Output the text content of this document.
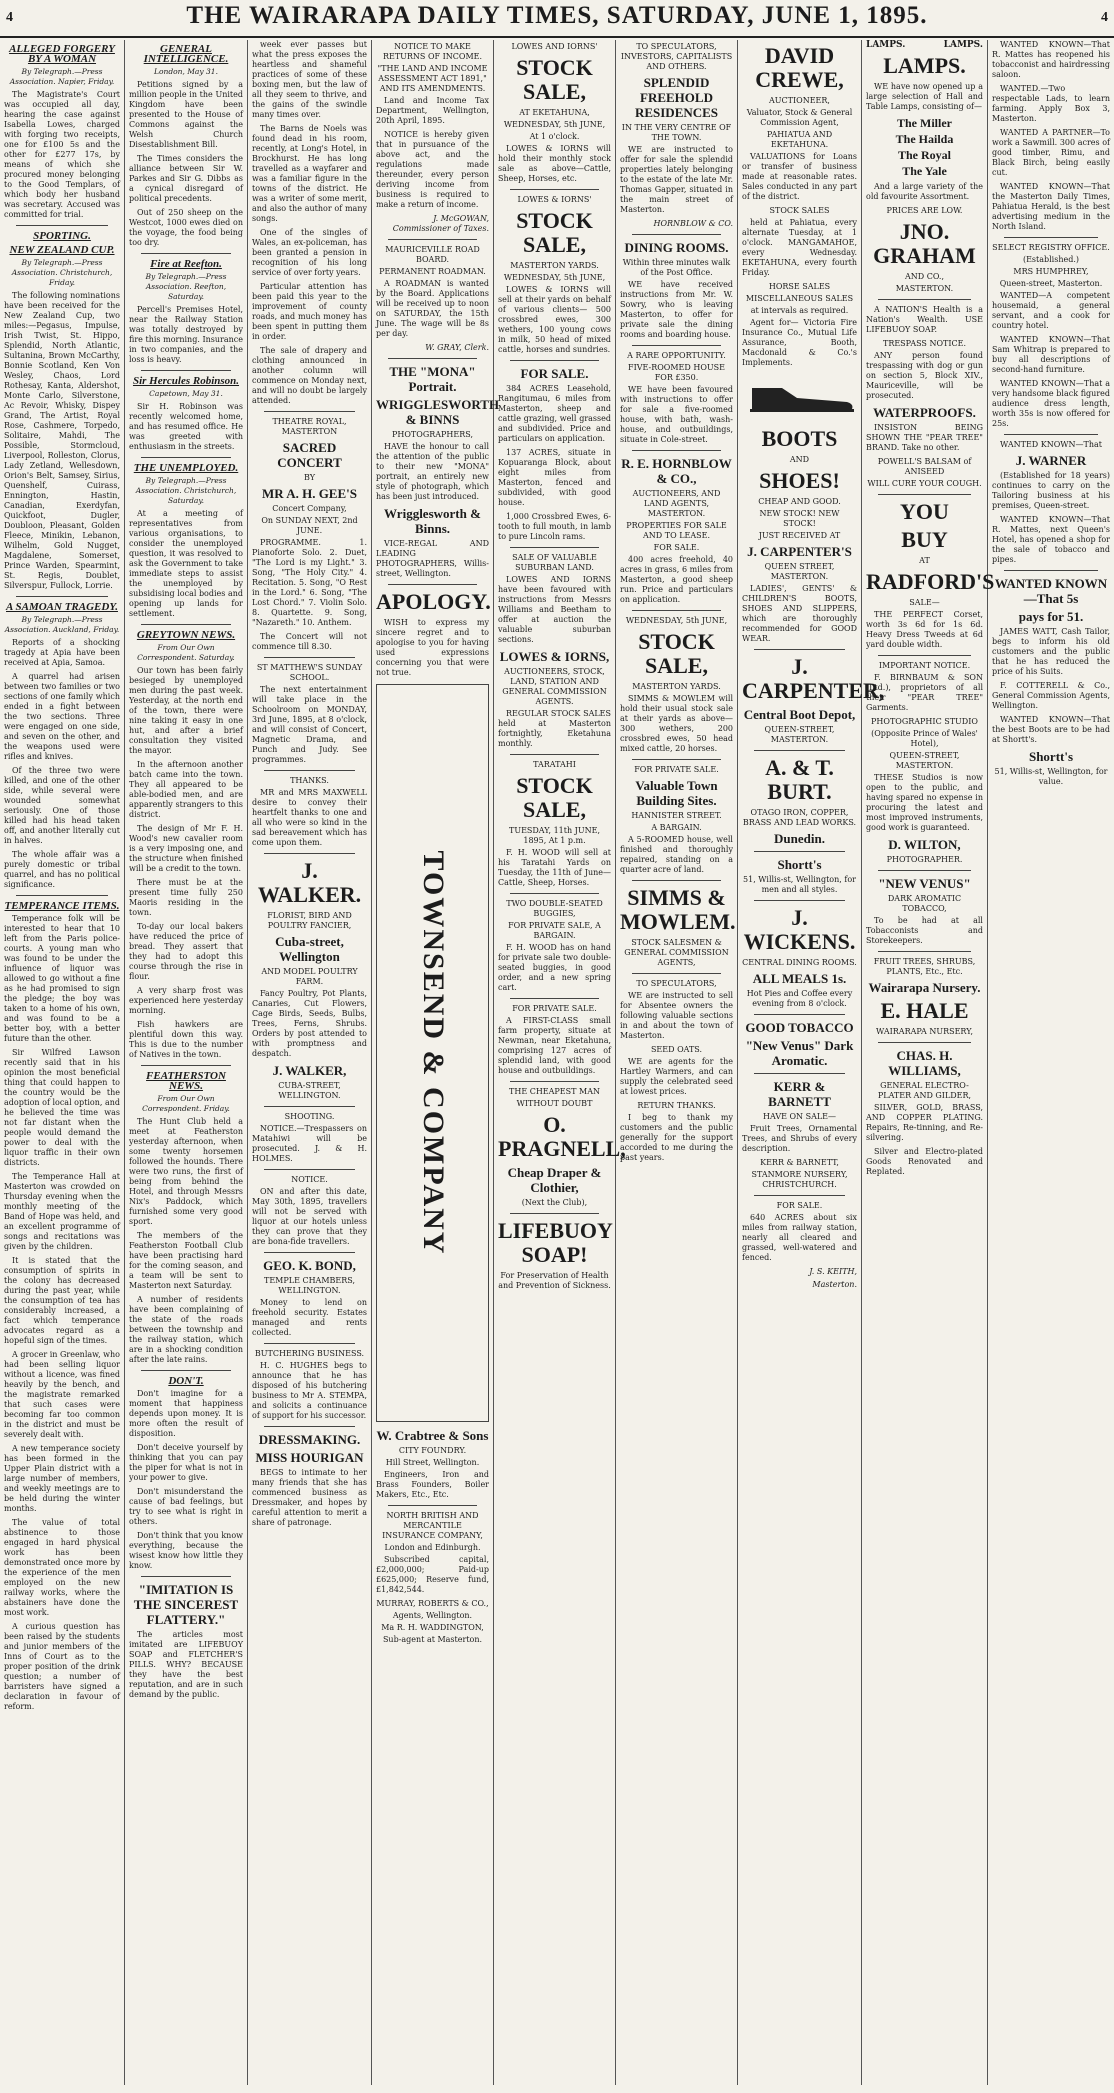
4	THE WAIRARAPA DAILY TIMES, SATURDAY, JUNE 1, 1895.	4
ALLEGED FORGERY BY A WOMAN
By Telegraph.—Press Association. Napier, Friday.

The Magistrate's Court was occupied all day, hearing the case against Isabella Lowes, charged with forging two receipts, one for £100 5s and the other for £277 17s, by means of which she procured money belonging to the Good Templars, of which body her husband was secretary. Accused was committed for trial.

SPORTING.
NEW ZEALAND CUP.
By Telegraph.—Press Association. Christchurch, Friday.

The following nominations have been received for the New Zealand Cup, two miles:—Pegasus, Impulse, Irish Twist, St. Hippo, Splendid, North Atlantic, Sultanina, Brown McCarthy, Bonnie Scotland, Ken Von Wesley, Chaos, Lord Rothesay, Kanta, Aldershot, Monte Carlo, Silverstone, Ac Revoir, Whisky, Dispey Grand, The Artist, Royal Rose, Cashmere, Torpedo, Solitaire, Mahdi, The Possible, Stormcloud, Liverpool, Rolleston, Clorus, Lady Zetland, Wellesdown, Orion's Belt, Samsey, Sirius, Quenshelf, Cuirass, Ennington, Hastin, Canadian, Exerdyfan, Quickfoot, Dugler, Doubloon, Pleasant, Golden Fleece, Minikin, Lebanon, Wilhelm, Gold Nugget, Magdalene, Somerset, Prince Warden, Spearmint, St. Regis, Doublet, Silverspur, Fullock, Lorrie.

A SAMOAN TRAGEDY.
By Telegraph.—Press Association. Auckland, Friday.

Reports of a shocking tragedy at Apia have been received at Apia, Samoa.

A quarrel had arisen between two families or two sections of one family which ended in a fight between the two sections. Three were engaged on one side, and seven on the other, and the weapons used were rifles and knives.

Of the three two were killed, and one of the other side, while several were wounded somewhat seriously. One of those killed had his head taken off, and another literally cut in halves.

The whole affair was a purely domestic or tribal quarrel, and has no political significance.

TEMPERANCE ITEMS.

Temperance folk will be interested to hear that 10 left from the Paris police-courts. A young man who was found to be under the influence of liquor was allowed to go without a fine as he had promised to sign the pledge; the boy was taken to a home of his own, and was found to be a better boy, with a better future than the other.

Sir Wilfred Lawson recently said that in his opinion the most beneficial thing that could happen to the country would be the adoption of local option, and he believed the time was not far distant when the people would demand the power to deal with the liquor traffic in their own districts.

The Temperance Hall at Masterton was crowded on Thursday evening when the monthly meeting of the Band of Hope was held, and an excellent programme of songs and recitations was given by the children.

It is stated that the consumption of spirits in the colony has decreased during the past year, while the consumption of tea has considerably increased, a fact which temperance advocates regard as a hopeful sign of the times.

A grocer in Greenlaw, who had been selling liquor without a licence, was fined heavily by the bench, and the magistrate remarked that such cases were becoming far too common in the district and must be severely dealt with.

A new temperance society has been formed in the Upper Plain district with a large number of members, and weekly meetings are to be held during the winter months.

The value of total abstinence to those engaged in hard physical work has been demonstrated once more by the experience of the men employed on the new railway works, where the abstainers have done the most work.

A curious question has been raised by the students and junior members of the Inns of Court as to the proper position of the drink question; a number of barristers have signed a declaration in favour of reform.

GENERAL INTELLIGENCE.
London, May 31.

Petitions signed by a million people in the United Kingdom have been presented to the House of Commons against the Welsh Church Disestablishment Bill.

The Times considers the alliance between Sir W. Parkes and Sir G. Dibbs as a cynical disregard of political precedents.

Out of 250 sheep on the Westcot, 1000 ewes died on the voyage, the food being too dry.

Fire at Reefton.
By Telegraph.—Press Association. Reefton, Saturday.

Percell's Premises Hotel, near the Railway Station was totally destroyed by fire this morning. Insurance in two companies, and the loss is heavy.

Sir Hercules Robinson.
Capetown, May 31.

Sir H. Robinson was recently welcomed home, and has resumed office. He was greeted with enthusiasm in the streets.

THE UNEMPLOYED.
By Telegraph.—Press Association. Christchurch, Saturday.

At a meeting of representatives from various organisations, to consider the unemployed question, it was resolved to ask the Government to take immediate steps to assist the unemployed by subsidising local bodies and opening up lands for settlement.

GREYTOWN NEWS.
From Our Own Correspondent. Saturday.

Our town has been fairly besieged by unemployed men during the past week. Yesterday, at the north end of the town, there were nine taking it easy in one hut, and after a brief consultation they visited the mayor.

In the afternoon another batch came into the town. They all appeared to be able-bodied men, and are apparently strangers to this district.

The design of Mr F. H. Wood's new cavalier room is a very imposing one, and the structure when finished will be a credit to the town.

There must be at the present time fully 250 Maoris residing in the town.

To-day our local bakers have reduced the price of bread. They assert that they had to adopt this course through the rise in flour.

A very sharp frost was experienced here yesterday morning.

Fish hawkers are plentiful down this way. This is due to the number of Natives in the town.

FEATHERSTON NEWS.
From Our Own Correspondent. Friday.

The Hunt Club held a meet at Featherston yesterday afternoon, when some twenty horsemen followed the hounds. There were two runs, the first of being from behind the Hotel, and through Messrs Nix's Paddock, which furnished some very good sport.

The members of the Featherston Football Club have been practising hard for the coming season, and a team will be sent to Masterton next Saturday.

A number of residents have been complaining of the state of the roads between the township and the railway station, which are in a shocking condition after the late rains.

DON'T.

Don't imagine for a moment that happiness depends upon money. It is more often the result of disposition.

Don't deceive yourself by thinking that you can pay the piper for what is not in your power to give.

Don't misunderstand the cause of bad feelings, but try to see what is right in others.

Don't think that you know everything, because the wisest know how little they know.

"IMITATION IS THE SINCEREST FLATTERY."

The articles most imitated are LIFEBUOY SOAP and FLETCHER'S PILLS. WHY? BECAUSE they have the best reputation, and are in such demand by the public.

week ever passes but what the press exposes the heartless and shameful practices of some of these boxing men, but the law of all they seem to thrive, and the gains of the swindle many times over.

The Barns de Noels was found dead in his room, recently, at Long's Hotel, in Brockhurst. He has long travelled as a wayfarer and was a familiar figure in the towns of the district. He was a writer of some merit, and also the author of many songs.

One of the singles of Wales, an ex-policeman, has been granted a pension in recognition of his long service of over forty years.

Particular attention has been paid this year to the improvement of county roads, and much money has been spent in putting them in order.

The sale of drapery and clothing announced in another column will commence on Monday next, and will no doubt be largely attended.

THEATRE ROYAL, MASTERTON
SACRED CONCERT
BY
MR A. H. GEE'S
Concert Company,
On SUNDAY NEXT, 2nd JUNE.

PROGRAMME. 1. Pianoforte Solo. 2. Duet, "The Lord is my Light." 3. Song, "The Holy City." 4. Recitation. 5. Song, "O Rest in the Lord." 6. Song, "The Lost Chord." 7. Violin Solo. 8. Quartette. 9. Song, "Nazareth." 10. Anthem.

The Concert will not commence till 8.30.

ST MATTHEW'S SUNDAY SCHOOL.

The next entertainment will take place in the Schoolroom on MONDAY, 3rd June, 1895, at 8 o'clock, and will consist of Concert, Magnetic Drama, and Punch and Judy. See programmes.

THANKS.

MR and MRS MAXWELL desire to convey their heartfelt thanks to one and all who were so kind in the sad bereavement which has come upon them.

J. WALKER.
FLORIST, BIRD AND POULTRY FANCIER,
Cuba-street, Wellington
AND MODEL POULTRY FARM.

Fancy Poultry, Pot Plants, Canaries, Cut Flowers, Cage Birds, Seeds, Bulbs, Trees, Ferns, Shrubs. Orders by post attended to with promptness and despatch.

J. WALKER,
CUBA-STREET, WELLINGTON.
SHOOTING.

NOTICE.—Trespassers on Matahiwi will be prosecuted. J. & H. HOLMES.

NOTICE.

ON and after this date, May 30th, 1895, travellers will not be served with liquor at our hotels unless they can prove that they are bona-fide travellers.

GEO. K. BOND,
TEMPLE CHAMBERS, WELLINGTON.

Money to lend on freehold security. Estates managed and rents collected.

BUTCHERING BUSINESS.

H. C. HUGHES begs to announce that he has disposed of his butchering business to Mr A. STEMPA, and solicits a continuance of support for his successor.

DRESSMAKING.
MISS HOURIGAN

BEGS to intimate to her many friends that she has commenced business as Dressmaker, and hopes by careful attention to merit a share of patronage.

NOTICE TO MAKE RETURNS OF INCOME.
"THE LAND AND INCOME ASSESSMENT ACT 1891," AND ITS AMENDMENTS.

Land and Income Tax Department, Wellington, 20th April, 1895.

NOTICE is hereby given that in pursuance of the above act, and the regulations made thereunder, every person deriving income from business is required to make a return of income.

J. McGOWAN, Commissioner of Taxes.
MAURICEVILLE ROAD BOARD.
PERMANENT ROADMAN.

A ROADMAN is wanted by the Board. Applications will be received up to noon on SATURDAY, the 15th June. The wage will be 8s per day.

W. GRAY, Clerk.
THE "MONA" Portrait.
WRIGGLESWORTH & BINNS
PHOTOGRAPHERS,

HAVE the honour to call the attention of the public to their new "MONA" portrait, an entirely new style of photograph, which has been just introduced.

Wrigglesworth & Binns.

VICE-REGAL AND LEADING PHOTOGRAPHERS, Willis-street, Wellington.

APOLOGY.

WISH to express my sincere regret and to apologise to you for having used expressions concerning you that were not true.

TOWNSEND & COMPANY
W. Crabtree & Sons
CITY FOUNDRY.
Hill Street, Wellington.

Engineers, Iron and Brass Founders, Boiler Makers, Etc., Etc.

NORTH BRITISH AND MERCANTILE INSURANCE COMPANY,
London and Edinburgh.

Subscribed capital, £2,000,000; Paid-up £625,000; Reserve fund, £1,842,544.

MURRAY, ROBERTS & CO.,
Agents, Wellington.
Ma R. H. WADDINGTON,
Sub-agent at Masterton.
LOWES AND IORNS'
STOCK SALE,
AT EKETAHUNA,
WEDNESDAY, 5th JUNE,
At 1 o'clock.

LOWES & IORNS will hold their monthly stock sale as above—Cattle, Sheep, Horses, etc.

LOWES & IORNS'
STOCK SALE,
MASTERTON YARDS.
WEDNESDAY, 5th JUNE,

LOWES & IORNS will sell at their yards on behalf of various clients— 500 crossbred ewes, 300 wethers, 100 young cows in milk, 50 head of mixed cattle, horses and sundries.

FOR SALE.

384 ACRES Leasehold, Rangitumau, 6 miles from Masterton, sheep and cattle grazing, well grassed and subdivided. Price and particulars on application.

137 ACRES, situate in Kopuaranga Block, about eight miles from Masterton, fenced and subdivided, with good house.

1,000 Crossbred Ewes, 6-tooth to full mouth, in lamb to pure Lincoln rams.

SALE OF VALUABLE SUBURBAN LAND.

LOWES AND IORNS have been favoured with instructions from Messrs Williams and Beetham to offer at auction the valuable suburban sections.

LOWES & IORNS,
AUCTIONEERS, STOCK, LAND, STATION AND GENERAL COMMISSION AGENTS.

REGULAR STOCK SALES held at Masterton fortnightly, Eketahuna monthly.

TARATAHI
STOCK SALE,
TUESDAY, 11th JUNE, 1895, At 1 p.m.

F. H. WOOD will sell at his Taratahi Yards on Tuesday, the 11th of June— Cattle, Sheep, Horses.

TWO DOUBLE-SEATED BUGGIES,
FOR PRIVATE SALE, A BARGAIN.

F. H. WOOD has on hand for private sale two double-seated buggies, in good order, and a new spring cart.

FOR PRIVATE SALE.

A FIRST-CLASS small farm property, situate at Newman, near Eketahuna, comprising 127 acres of splendid land, with good house and outbuildings.

THE CHEAPEST MAN
WITHOUT DOUBT
O. PRAGNELL,
Cheap Draper & Clothier,
(Next the Club),
LIFEBUOY SOAP!
For Preservation of Health and Prevention of Sickness.
TO SPECULATORS, INVESTORS, CAPITALISTS AND OTHERS.
SPLENDID FREEHOLD RESIDENCES
IN THE VERY CENTRE OF THE TOWN.

WE are instructed to offer for sale the splendid properties lately belonging to the estate of the late Mr. Thomas Gapper, situated in the main street of Masterton.

HORNBLOW & CO.
DINING ROOMS.
Within three minutes walk of the Post Office.

WE have received instructions from Mr. W. Sowry, who is leaving Masterton, to offer for private sale the dining rooms and boarding house.

A RARE OPPORTUNITY.
FIVE-ROOMED HOUSE FOR £350.

WE have been favoured with instructions to offer for sale a five-roomed house, with bath, wash-house, and outbuildings, situate in Cole-street.

R. E. HORNBLOW & CO.,
AUCTIONEERS, AND LAND AGENTS, MASTERTON.
PROPERTIES FOR SALE AND TO LEASE.
FOR SALE.

400 acres freehold, 40 acres in grass, 6 miles from Masterton, a good sheep run. Price and particulars on application.

WEDNESDAY, 5th JUNE,
STOCK SALE,
MASTERTON YARDS.

SIMMS & MOWLEM will hold their usual stock sale at their yards as above— 300 wethers, 200 crossbred ewes, 50 head mixed cattle, 20 horses.

FOR PRIVATE SALE.
Valuable Town Building Sites.
HANNISTER STREET.
A BARGAIN.

A 5-ROOMED house, well finished and thoroughly repaired, standing on a quarter acre of land.

SIMMS & MOWLEM.
STOCK SALESMEN & GENERAL COMMISSION AGENTS,
TO SPECULATORS,

WE are instructed to sell for Absentee owners the following valuable sections in and about the town of Masterton.

SEED OATS.

WE are agents for the Hartley Warmers, and can supply the celebrated seed at lowest prices.

RETURN THANKS.

I beg to thank my customers and the public generally for the support accorded to me during the past years.

DAVID CREWE,
AUCTIONEER,
Valuator, Stock & General Commission Agent,
PAHIATUA AND EKETAHUNA.

VALUATIONS for Loans or transfer of business made at reasonable rates. Sales conducted in any part of the district.

STOCK SALES

held at Pahiatua, every alternate Tuesday, at 1 o'clock. MANGAMAHOE, every Wednesday. EKETAHUNA, every fourth Friday.

HORSE SALES
MISCELLANEOUS SALES
at intervals as required.

Agent for— Victoria Fire Insurance Co., Mutual Life Assurance, Booth, Macdonald & Co.'s Implements.

BOOTS
AND
SHOES!
CHEAP AND GOOD.
NEW STOCK! NEW STOCK!
JUST RECEIVED AT
J. CARPENTER'S
QUEEN STREET, MASTERTON.

LADIES', GENTS' & CHILDREN'S BOOTS, SHOES AND SLIPPERS, which are thoroughly recommended for GOOD WEAR.

J. CARPENTER,
Central Boot Depot,
QUEEN-STREET, MASTERTON.
A. & T. BURT.
OTAGO IRON, COPPER, BRASS AND LEAD WORKS.
Dunedin.
Shortt's
51, Willis-st, Wellington, for men and all styles.
J. WICKENS.
CENTRAL DINING ROOMS.
ALL MEALS 1s.
Hot Pies and Coffee every evening from 8 o'clock.
GOOD TOBACCO
"New Venus" Dark Aromatic.
KERR & BARNETT
HAVE ON SALE—

Fruit Trees, Ornamental Trees, and Shrubs of every description.

KERR & BARNETT,
STANMORE NURSERY, CHRISTCHURCH.
FOR SALE.

640 ACRES about six miles from railway station, nearly all cleared and grassed, well-watered and fenced.

J. S. KEITH,
Masterton.
LAMPS.	LAMPS.
LAMPS.

WE have now opened up a large selection of Hall and Table Lamps, consisting of—

The Miller
The Hailda
The Royal
The Yale

And a large variety of the old favourite Assortment.

PRICES ARE LOW.
JNO. GRAHAM
AND CO.,
MASTERTON.

A NATION'S Health is a Nation's Wealth. USE LIFEBUOY SOAP.

TRESPASS NOTICE.

ANY person found trespassing with dog or gun on section 5, Block XIV., Mauriceville, will be prosecuted.

WATERPROOFS.

INSISTON BEING SHOWN THE "PEAR TREE" BRAND. Take no other.

POWELL'S BALSAM of ANISEED
WILL CURE YOUR COUGH.
YOU
BUY
AT
RADFORD'S
SALE—

THE PERFECT Corset, worth 3s 6d for 1s 6d. Heavy Dress Tweeds at 6d yard double width.

IMPORTANT NOTICE.

F. BIRNBAUM & SON (Ltd.), proprietors of all their "PEAR TREE" Garments.

PHOTOGRAPHIC STUDIO
(Opposite Prince of Wales' Hotel),
QUEEN-STREET, MASTERTON.

THESE Studios is now open to the public, and having spared no expense in procuring the latest and most improved instruments, good work is guaranteed.

D. WILTON,
PHOTOGRAPHER.
"NEW VENUS"
DARK AROMATIC TOBACCO,

To be had at all Tobacconists and Storekeepers.

FRUIT TREES, SHRUBS, PLANTS, Etc., Etc.
Wairarapa Nursery.
E. HALE
WAIRARAPA NURSERY,
CHAS. H. WILLIAMS,
GENERAL ELECTRO-PLATER AND GILDER,

SILVER, GOLD, BRASS, AND COPPER PLATING. Repairs, Re-tinning, and Re-silvering.

Silver and Electro-plated Goods Renovated and Replated.

WANTED KNOWN—That R. Mattes has reopened his tobacconist and hairdressing saloon.

WANTED.—Two respectable Lads, to learn farming. Apply Box 3, Masterton.

WANTED A PARTNER—To work a Sawmill. 300 acres of good timber, Rimu, and Black Birch, being easily cut.

WANTED KNOWN—That the Masterton Daily Times, Pahiatua Herald, is the best advertising medium in the North Island.

SELECT REGISTRY OFFICE.
(Established.)
MRS HUMPHREY,
Queen-street, Masterton.

WANTED—A competent housemaid, a general servant, and a cook for country hotel.

WANTED KNOWN—That Sam Whitrap is prepared to buy all descriptions of second-hand furniture.

WANTED KNOWN—That a very handsome black figured audience dress length, worth 35s is now offered for 25s.

WANTED KNOWN—That
J. WARNER

(Established for 18 years) continues to carry on the Tailoring business at his premises, Queen-street.

WANTED KNOWN—That R. Mattes, next Queen's Hotel, has opened a shop for the sale of tobacco and pipes.

WANTED KNOWN—That 5s
pays for 51.

JAMES WATT, Cash Tailor, begs to inform his old customers and the public that he has reduced the price of his Suits.

F. COTTERELL & Co., General Commission Agents, Wellington.

WANTED KNOWN—That the best Boots are to be had at Shortt's.

Shortt's
51, Willis-st, Wellington, for value.
